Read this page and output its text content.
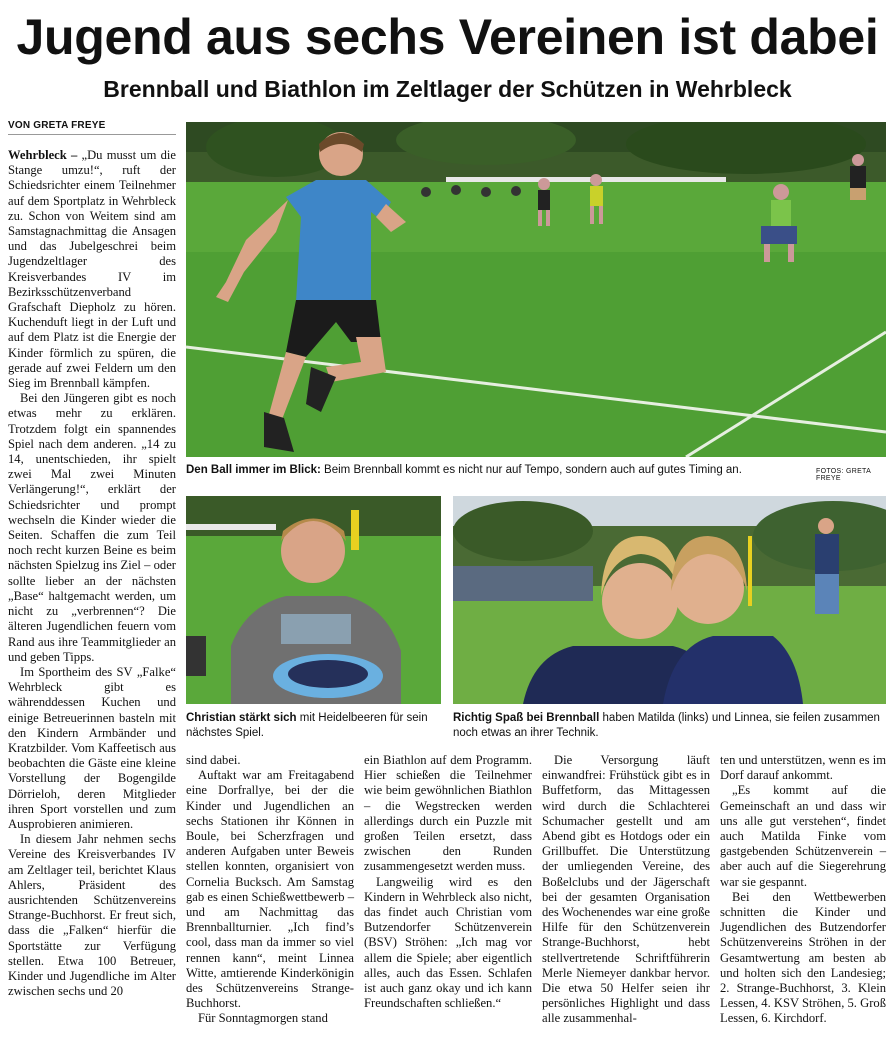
Jugend aus sechs Vereinen ist dabei
Brennball und Biathlon im Zeltlager der Schützen in Wehrbleck
VON GRETA FREYE
Den Ball immer im Blick: Beim Brennball kommt es nicht nur auf Tempo, sondern auch auf gutes Timing an.	FOTOS: GRETA FREYE
Christian stärkt sich mit Heidelbeeren für sein nächstes Spiel.
Richtig Spaß bei Brennball haben Matilda (links) und Linnea, sie feilen zusammen noch etwas an ihrer Technik.

Wehrbleck – „Du musst um die Stange umzu!“, ruft der Schiedsrichter einem Teilnehmer auf dem Sportplatz in Wehrbleck zu. Schon von Weitem sind am Samstagnachmittag die Ansagen und das Jubelgeschrei beim Jugendzeltlager des Kreisverbandes IV im Bezirksschützenverband Grafschaft Diepholz zu hören. Kuchenduft liegt in der Luft und auf dem Platz ist die Energie der Kinder förmlich zu spüren, die gerade auf zwei Feldern um den Sieg im Brennball kämpfen.

Bei den Jüngeren gibt es noch etwas mehr zu erklären. Trotzdem folgt ein spannendes Spiel nach dem anderen. „14 zu 14, unentschieden, ihr spielt zwei Mal zwei Minuten Verlängerung!“, erklärt der Schiedsrichter und prompt wechseln die Kinder wieder die Seiten. Schaffen die zum Teil noch recht kurzen Beine es beim nächsten Spielzug ins Ziel – oder sollte lieber an der nächsten „Base“ haltgemacht werden, um nicht zu „verbrennen“? Die älteren Jugendlichen feuern vom Rand aus ihre Teammitglieder an und geben Tipps.

Im Sportheim des SV „Falke“ Wehrbleck gibt es währenddessen Kuchen und einige Betreuerinnen basteln mit den Kindern Armbänder und Kratzbilder. Vom Kaffeetisch aus beobachten die Gäste eine kleine Vorstellung der Bogengilde Dörrieloh, deren Mitglieder ihren Sport vorstellen und zum Ausprobieren animieren.

In diesem Jahr nehmen sechs Vereine des Kreisverbandes IV am Zeltlager teil, berichtet Klaus Ahlers, Präsident des ausrichtenden Schützenvereins Strange-Buchhorst. Er freut sich, dass die „Falken“ hierfür die Sportstätte zur Verfügung stellen. Etwa 100 Betreuer, Kinder und Jugendliche im Alter zwischen sechs und 20

sind dabei.

Auftakt war am Freitagabend eine Dorfrallye, bei der die Kinder und Jugendlichen an sechs Stationen ihr Können in Boule, bei Scherzfragen und anderen Aufgaben unter Beweis stellen konnten, organisiert von Cornelia Bucksch. Am Samstag gab es einen Schießwettbewerb – und am Nachmittag das Brennballturnier. „Ich find’s cool, dass man da immer so viel rennen kann“, meint Linnea Witte, amtierende Kinderkönigin des Schützenvereins Strange-Buchhorst.

Für Sonntagmorgen stand

ein Biathlon auf dem Programm. Hier schießen die Teilnehmer wie beim gewöhnlichen Biathlon – die Wegstrecken werden allerdings durch ein Puzzle mit großen Teilen ersetzt, dass zwischen den Runden zusammengesetzt werden muss.

Langweilig wird es den Kindern in Wehrbleck also nicht, das findet auch Christian vom Butzendorfer Schützenverein (BSV) Ströhen: „Ich mag vor allem die Spiele; aber eigentlich alles, auch das Essen. Schlafen ist auch ganz okay und ich kann Freundschaften schließen.“

Die Versorgung läuft einwandfrei: Frühstück gibt es in Buffetform, das Mittagessen wird durch die Schlachterei Schumacher gestellt und am Abend gibt es Hotdogs oder ein Grillbuffet. Die Unterstützung der umliegenden Vereine, des Boßelclubs und der Jägerschaft bei der gesamten Organisation des Wochenendes war eine große Hilfe für den Schützenverein Strange-Buchhorst, hebt stellvertretende Schriftführerin Merle Niemeyer dankbar hervor. Die etwa 50 Helfer seien ihr persönliches Highlight und dass alle zusammenhal-

ten und unterstützen, wenn es im Dorf darauf ankommt.

„Es kommt auf die Gemeinschaft an und dass wir uns alle gut verstehen“, findet auch Matilda Finke vom gastgebenden Schützenverein – aber auch auf die Siegerehrung war sie gespannt.

Bei den Wettbewerben schnitten die Kinder und Jugendlichen des Butzendorfer Schützenvereins Ströhen in der Gesamtwertung am besten ab und holten sich den Landesieg; 2. Strange-Buchhorst, 3. Klein Lessen, 4. KSV Ströhen, 5. Groß Lessen, 6. Kirchdorf.
